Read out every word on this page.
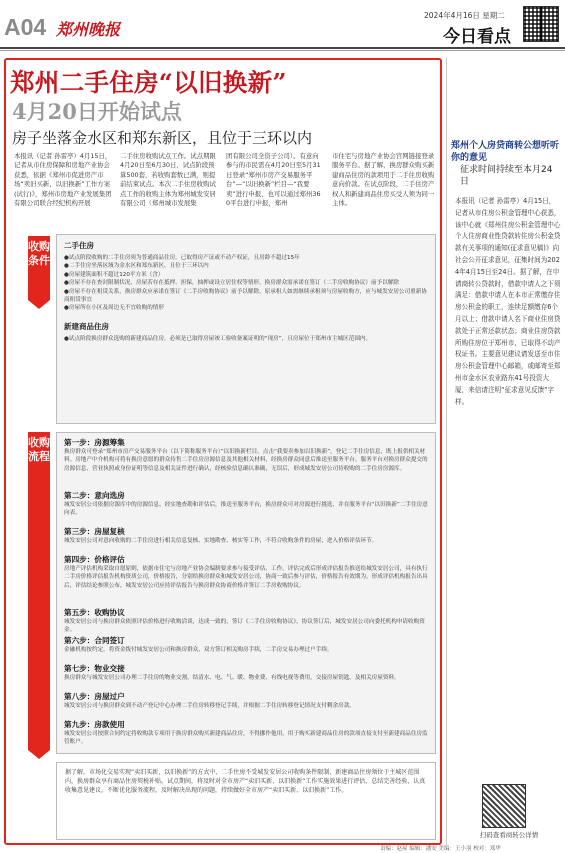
A04 郑州晚报
2024年4月16日 星期二
今日看点
郑州二手住房“以旧换新”
4月20日开始试点
房子坐落金水区和郑东新区，且位于三环以内
本报讯（记者 孙雷亭）4月15日，记者从市住房保障和房地产业协会获悉，依据《郑州市促进房产市场“卖旧买新、以旧换新”工作方案(试行)》，郑州市房地产业发展集团有限公司联合经纪机构开展
二手住房收购试点工作。试点期限4月20日至6月30日，试点阶段预算500套，若收购套数已满，则提前结束试点。本次二手住房收购试点工作的收购主体为郑州城发安居有限公司（郑州城市发展集
团有限公司全资子公司）。有意向参与的市民需在4月20日至5月31日登录“郑州市房产交易服务平台”—“以旧换新”栏目—“我要卖”进行申报，也可以通过郑州360平台进行申报，郑州
市住宅与房地产业协会官网链接登录服务平台。据了解，换房群众购买新建商品住房的款项用于二手住房收购意向价款。在试点阶段，二手住房产权人和新建商品住房买受人须为同一主体。
收购条件
二手住房
●试点阶段收购的二手住房须为普通商品住房，已取得房产证或不动产权证，且房龄不超过15年
●二手住房坐落区域为金水区和郑东新区，且位于三环以内
●房屋建筑面积不超过120平方米（含）
●房屋不存在查封限制状况，房屋若存在抵押、担保，抽押或设立居住权等情形，换房群众需承诺在签订（二手房收购协议）前予以解除
●房屋不存在租赁关系，换房群众应承诺在签订《二手房收购协议》前予以解除，原承租人如需继续承租须与房屋收购方，应与城发安居公司重新协商租赁事宜
●房屋所在小区及周边无不宜收购的情形
新建商品住房
●试点阶段换房群众选购的新建商品住房，必须是已取得房屋竣工验收备案证明的“现房”，且房屋位于郑州市主城区范围内。
收购流程
第一步：房源筹集
换房群众可登录“郑州市房产交易服务平台（以下简称服务平台）”以旧换新栏目，点击“我要卖参加以旧换新”，登记二手住房信息，既上报供相关材料。房地产中介机构可将有换房意愿的群众待售二手住房房源信息及其他相关材料，经换房群众同意后推送至服务平台。服务平台对换房群众提交的房源信息、营业执照或身份证明等信息及相关证件进行确认，经核验信息确认准确，无误后，形成城发安居公司待收购的二手住房房源库。
第二步：意向选房
城发安居公司依据房源库中的房源信息，经实地查勘和评估后，推送至服务平台，换房群众可对房源进行挑选，并在服务平台“以旧换新”二手住房意向表。
第三步：房屋复核
城发安居公司对意向收购的二手住房进行相关信息复核、实地勘查、核实等工作，不符合收购条件的房屋，进入价格评估环节。
第四步：价格评估
房地产评估机构采取自愿原则，依据市住宅与房地产业协会编制要求参与接受评估、工作，评估完成后形成评估报告推送给城发安居公司，具有执行二手房价格评估报告机构资质公司，价格报告，分别给换房群众和城发安居公司，协商一致后参与评估，价格报告有效期为，形成评估机构报告出具后，评估结论参照公布，城发安居公司应持评估报告与换房群众协商价格并签订二手房收购协议。
第五步：收购协议
城发安居公司与换房群众依照评估价格进行收购洽谈，达成一致的，签订《二手住房收购协议》，协议签订后，城发安居公司向委托机构申请收购资金。
第六步：合同签订
金融机构按约定，将资金拨付城发安居公司和换房群众，双方签订相关购房手续，二手房交易办理过户手续。
第七步：物业交接
换房群众与城发安居公司办理二手住房的物业交割，结清水、电、气、暖、物业费、有线电视等费用，交接房屋钥匙，及相关房屋资料。
第八步：房屋过户
城发安居公司与换房群众到不动产登记中心办理二手住房转移登记手续，并根据二手住房转移登记情况支付剩余房款。
第九步：房款使用
城发安居公司按照合同约定将收购款专项用于换房群众购买新建商品住房，不得挪作他用，用于购买新建商品住房的款项直接支付至新建商品住房监管账户。
据了解，市场化交易实现“卖旧买新、以旧换新”的方式中，二手住房不受城发安居公司收购条件限制，新建商品住房须位于主城区范围内，换房群众享有商品住房契税补贴。试点期间，将及时对全市房产“卖旧买新、以旧换新”工作实施效果进行评估，总结完善经验，认真收集意见建议，不断优化服务流程，及时解决出现的问题，持续做好全市房产“卖旧买新、以旧换新”工作。
郑州个人房贷商转公想听听你的意见
征求时间持续至本月24日
本报讯（记者 孙雷亭）4月15日，记者从市住房公积金管理中心获悉，该中心就《郑州住房公积金管理中心个人住房商业性贷款转住房公积金贷款有关事项的通知(征求意见稿)》向社会公开征求意见，征集时间为2024年4月15日至24日。据了解，在申请商转公贷款时，借款申请人之下须满足：借款申请人在本市正常缴存住房公积金的职工，连续足额缴存6个月以上；借款申请人名下商业住房贷款处于正常还款状态；商业住房贷款所购住房位于郑州市，已取得不动产权证书。主要意见建议请发送至市住房公积金管理中心邮箱，或邮寄至郑州市金水区农业路东41号投资大厦，来信请注明“征求意见反馈”字样。
扫码查看商转公详情
责编：赵屋 编辑：潘安 美编：王小羽 校对：郑华
